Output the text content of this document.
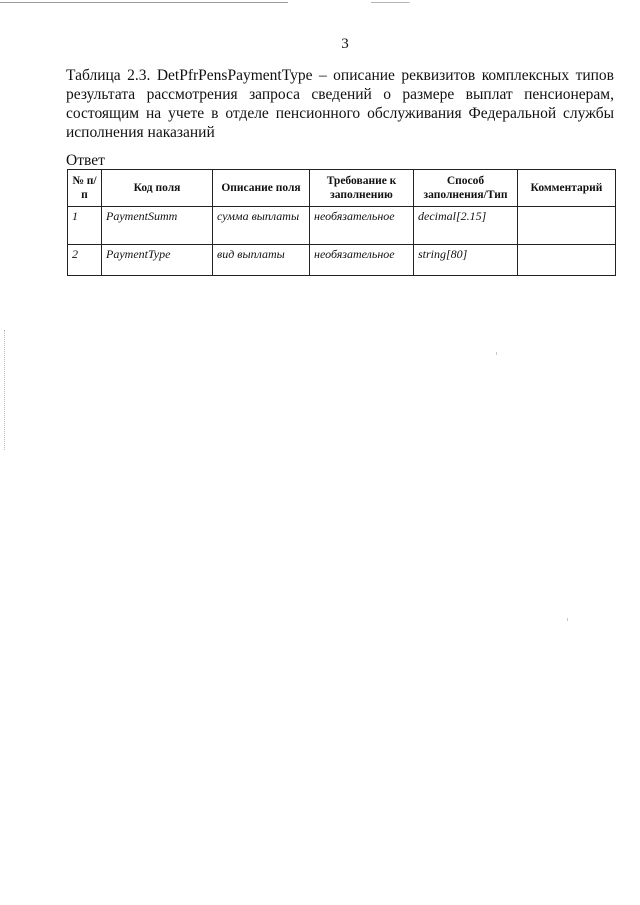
3
Таблица 2.3. DetPfrPensPaymentType – описание реквизитов комплексных типов
результата рассмотрения запроса сведений о размере выплат пенсионерам, состоящим на учете в отделе пенсионного обслуживания Федеральной службы исполнения наказаний
Ответ
№ п/п	Код поля	Описание поля	Требование к заполнению	Способ заполнения/Тип	Комментарий
1	PaymentSumm	сумма выплаты	необязательное	decimal[2.15]	
2	PaymentType	вид выплаты	необязательное	string[80]	
